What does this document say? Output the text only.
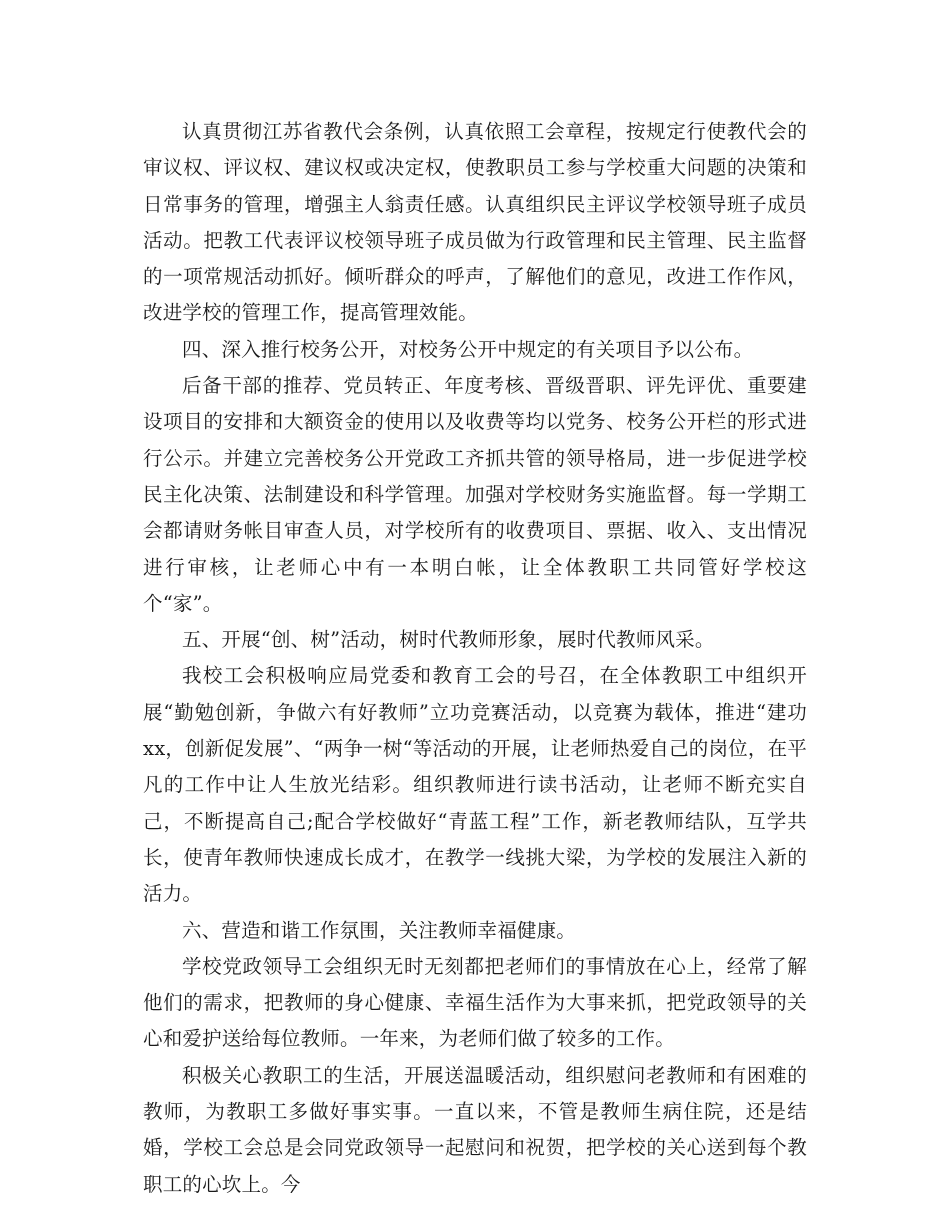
认真贯彻江苏省教代会条例，认真依照工会章程，按规定行使教代会的审议权、评议权、建议权或决定权，使教职员工参与学校重大问题的决策和日常事务的管理，增强主人翁责任感。认真组织民主评议学校领导班子成员活动。把教工代表评议校领导班子成员做为行政管理和民主管理、民主监督的一项常规活动抓好。倾听群众的呼声，了解他们的意见，改进工作作风，改进学校的管理工作，提高管理效能。

四、深入推行校务公开，对校务公开中规定的有关项目予以公布。

后备干部的推荐、党员转正、年度考核、晋级晋职、评先评优、重要建设项目的安排和大额资金的使用以及收费等均以党务、校务公开栏的形式进行公示。并建立完善校务公开党政工齐抓共管的领导格局，进一步促进学校民主化决策、法制建设和科学管理。加强对学校财务实施监督。每一学期工会都请财务帐目审查人员，对学校所有的收费项目、票据、收入、支出情况进行审核，让老师心中有一本明白帐，让全体教职工共同管好学校这个“家”。

五、开展“创、树”活动，树时代教师形象，展时代教师风采。

我校工会积极响应局党委和教育工会的号召，在全体教职工中组织开展“勤勉创新，争做六有好教师”立功竞赛活动，以竞赛为载体，推进“建功xx，创新促发展”、“两争一树“等活动的开展，让老师热爱自己的岗位，在平凡的工作中让人生放光结彩。组织教师进行读书活动，让老师不断充实自己，不断提高自己;配合学校做好“青蓝工程”工作，新老教师结队，互学共长，使青年教师快速成长成才，在教学一线挑大梁，为学校的发展注入新的活力。

六、营造和谐工作氛围，关注教师幸福健康。

学校党政领导工会组织无时无刻都把老师们的事情放在心上，经常了解他们的需求，把教师的身心健康、幸福生活作为大事来抓，把党政领导的关心和爱护送给每位教师。一年来，为老师们做了较多的工作。

积极关心教职工的生活，开展送温暖活动，组织慰问老教师和有困难的教师，为教职工多做好事实事。一直以来，不管是教师生病住院，还是结婚，学校工会总是会同党政领导一起慰问和祝贺，把学校的关心送到每个教职工的心坎上。今
